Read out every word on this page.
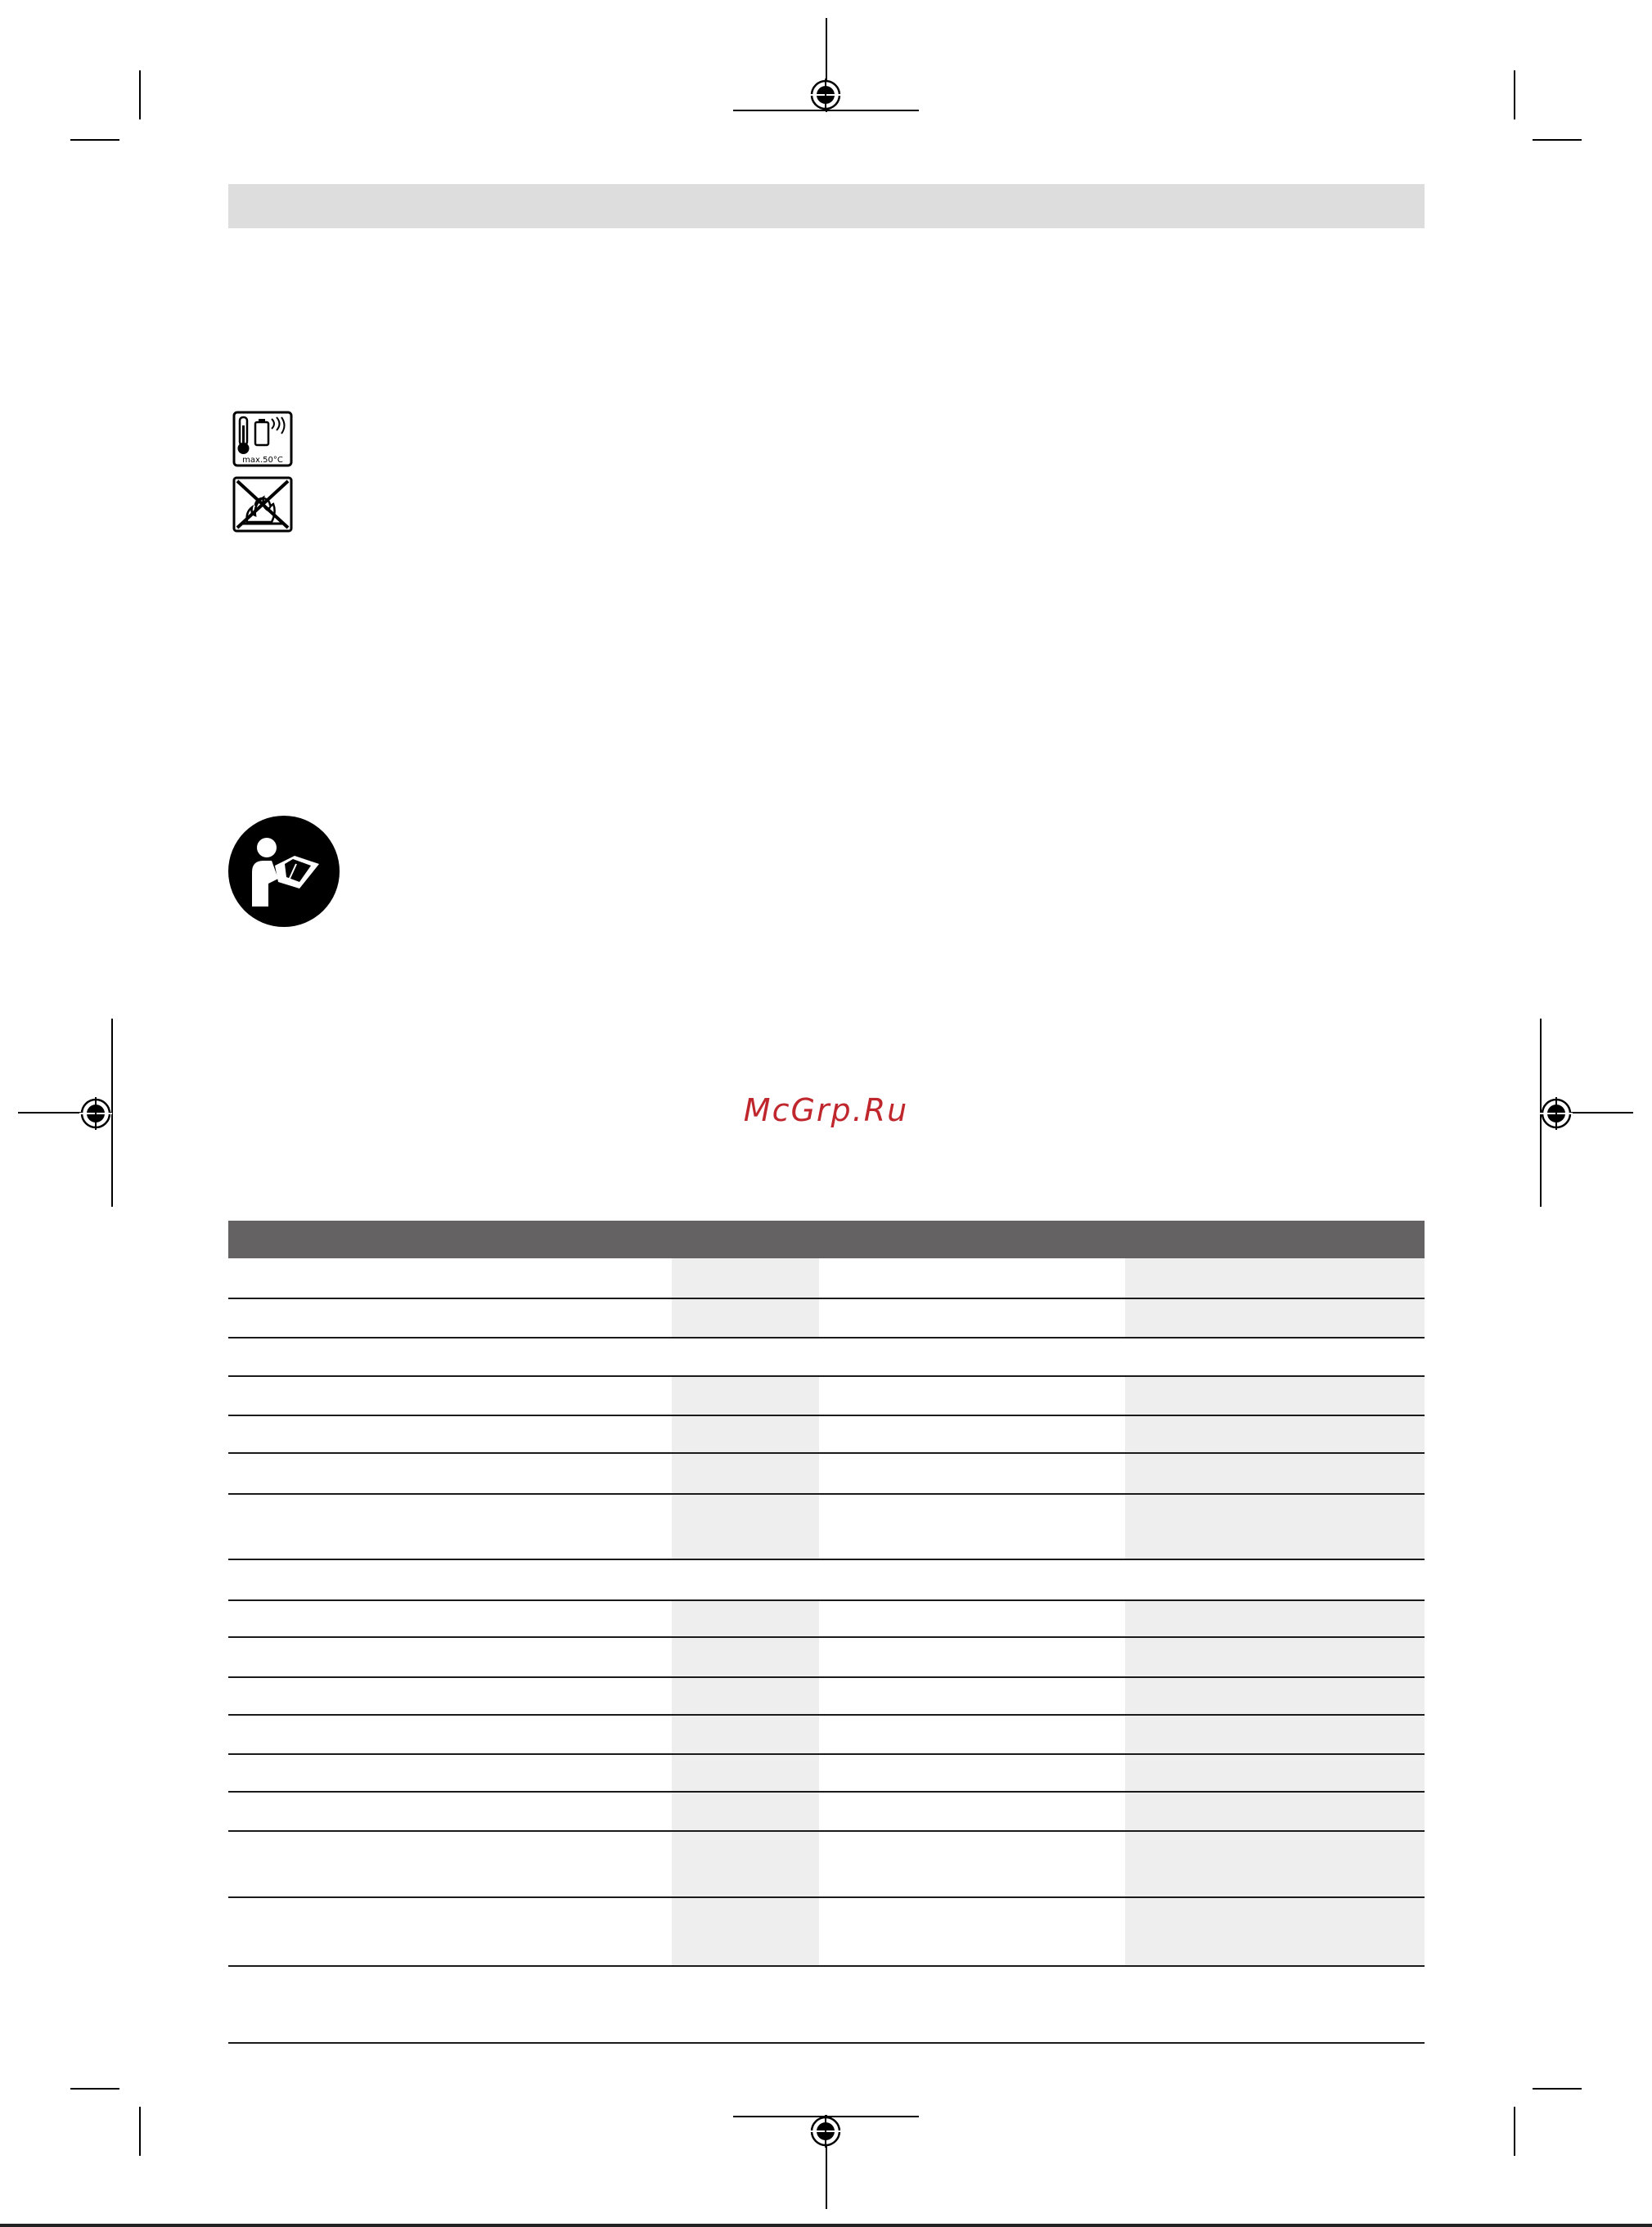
max.50°C
McGrp.Ru
